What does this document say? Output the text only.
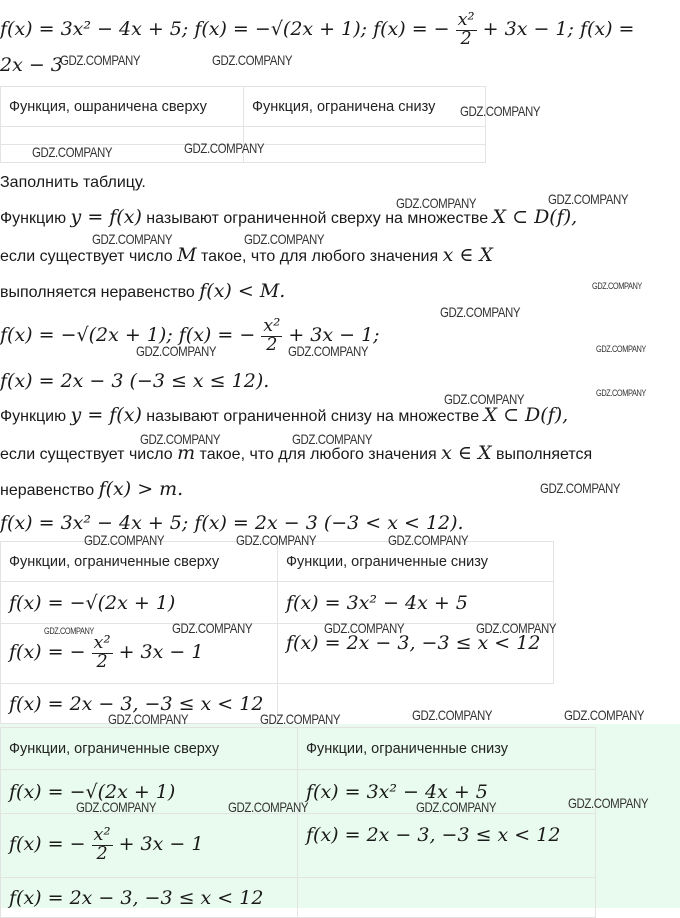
f(x) = 3x² − 4x + 5; f(x) = −√(2x + 1); f(x) = − $\frac{\text{x²}}{2} + 3x - 1$; f(x) =
2x − 3
Функция, ошраничена сверху	Функция, ограничена снизу

Заполнить таблицу.
Функцию y = f(x) называют ограниченной сверху на множестве X ⊂ D(f),
если существует число M такое, что для любого значения x ∈ X
выполняется неравенство f(x) < M.
f(x) = −√(2x + 1); f(x) = − $\frac{\text{x²}}{2} + 3x - 1$;
f(x) = 2x − 3 (−3 ≤ x ≤ 12).
Функцию y = f(x) называют ограниченной снизу на множестве X ⊂ D(f),
если существует число m такое, что для любого значения x ∈ X выполняется
неравенство f(x) > m.
f(x) = 3x² − 4x + 5; f(x) = 2x − 3 (−3 < x < 12).
Функции, ограниченные сверху	Функции, ограниченные снизу
f(x) = −√(2x + 1)	f(x) = 3x² − 4x + 5
f(x) = − $\frac{\text{x²}}{2} + 3x - 1$	f(x) = 2x − 3, −3 ≤ x < 12
f(x) = 2x − 3, −3 ≤ x < 12	
Функции, ограниченные сверху	Функции, ограниченные снизу
f(x) = −√(2x + 1)	f(x) = 3x² − 4x + 5
f(x) = − $\frac{\text{x²}}{2} + 3x - 1$	f(x) = 2x − 3, −3 ≤ x < 12
f(x) = 2x − 3, −3 ≤ x < 12	
GDZ.COMPANY	GDZ.COMPANY
GDZ.COMPANY
GDZ.COMPANY	GDZ.COMPANY
GDZ.COMPANY	GDZ.COMPANY
GDZ.COMPANY	GDZ.COMPANY
GDZ.COMPANY
GDZ.COMPANY
GDZ.COMPANY	GDZ.COMPANY	GDZ.COMPANY
GDZ.COMPANY
GDZ.COMPANY
GDZ.COMPANY	GDZ.COMPANY
GDZ.COMPANY
GDZ.COMPANY	GDZ.COMPANY	GDZ.COMPANY
GDZ.COMPANY	GDZ.COMPANY	GDZ.COMPANY	GDZ.COMPANY
GDZ.COMPANY	GDZ.COMPANY	GDZ.COMPANY	GDZ.COMPANY
GDZ.COMPANY	GDZ.COMPANY	GDZ.COMPANY	GDZ.COMPANY
